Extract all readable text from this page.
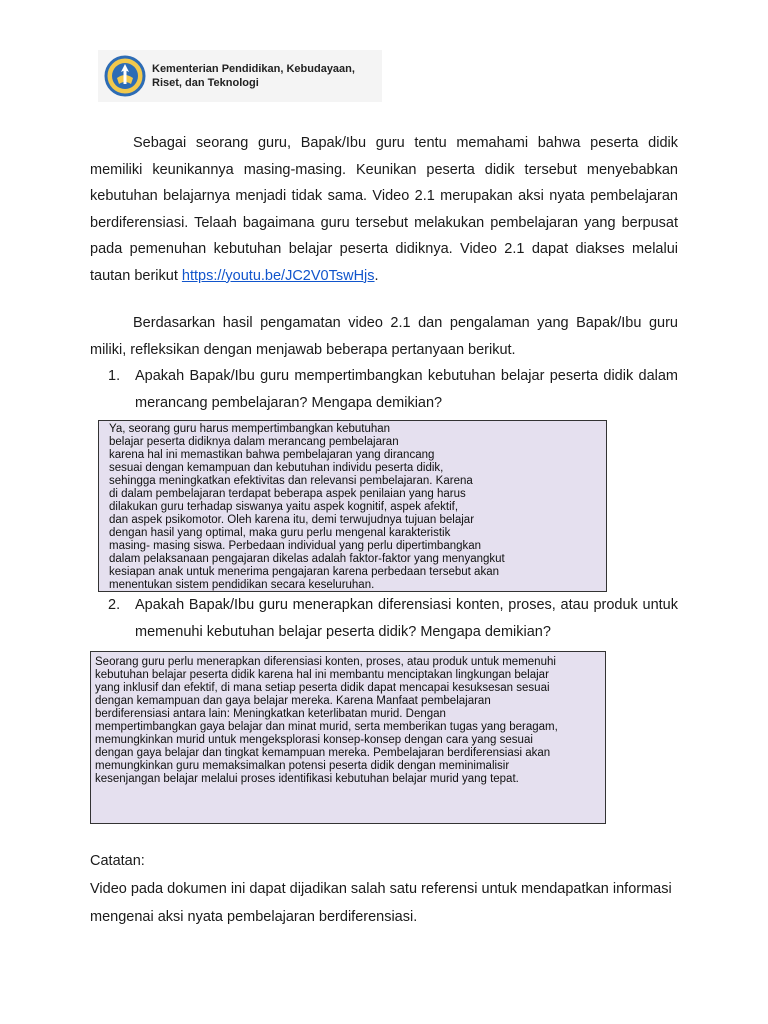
Kementerian Pendidikan, Kebudayaan,
Riset, dan Teknologi

Sebagai seorang guru, Bapak/Ibu guru tentu memahami bahwa peserta didik memiliki keunikannya masing-masing. Keunikan peserta didik tersebut menyebabkan kebutuhan belajarnya menjadi tidak sama. Video 2.1 merupakan aksi nyata pembelajaran berdiferensiasi. Telaah bagaimana guru tersebut melakukan pembelajaran yang berpusat pada pemenuhan kebutuhan belajar peserta didiknya. Video 2.1 dapat diakses melalui tautan berikut https://youtu.be/JC2V0TswHjs.

Berdasarkan hasil pengamatan video 2.1 dan pengalaman yang Bapak/Ibu guru miliki, refleksikan dengan menjawab beberapa pertanyaan berikut.

1.	Apakah Bapak/Ibu guru mempertimbangkan kebutuhan belajar peserta didik dalam merancang pembelajaran? Mengapa demikian?
Ya, seorang guru harus mempertimbangkan kebutuhan
belajar peserta didiknya dalam merancang pembelajaran
karena hal ini memastikan bahwa pembelajaran yang dirancang
sesuai dengan kemampuan dan kebutuhan individu peserta didik,
sehingga meningkatkan efektivitas dan relevansi pembelajaran. Karena
di dalam pembelajaran terdapat beberapa aspek penilaian yang harus
dilakukan guru terhadap siswanya yaitu aspek kognitif, aspek afektif,
dan aspek psikomotor. Oleh karena itu, demi terwujudnya tujuan belajar
dengan hasil yang optimal, maka guru perlu mengenal karakteristik
masing- masing siswa. Perbedaan individual yang perlu dipertimbangkan
dalam pelaksanaan pengajaran dikelas adalah faktor-faktor yang menyangkut
kesiapan anak untuk menerima pengajaran karena perbedaan tersebut akan
menentukan sistem pendidikan secara keseluruhan.
2.	Apakah Bapak/Ibu guru menerapkan diferensiasi konten, proses, atau produk untuk memenuhi kebutuhan belajar peserta didik? Mengapa demikian?
Seorang guru perlu menerapkan diferensiasi konten, proses, atau produk untuk memenuhi
kebutuhan belajar peserta didik karena hal ini membantu menciptakan lingkungan belajar
yang inklusif dan efektif, di mana setiap peserta didik dapat mencapai kesuksesan sesuai
dengan kemampuan dan gaya belajar mereka. Karena Manfaat pembelajaran
berdiferensiasi antara lain: Meningkatkan keterlibatan murid. Dengan
mempertimbangkan gaya belajar dan minat murid, serta memberikan tugas yang beragam,
memungkinkan murid untuk mengeksplorasi konsep-konsep dengan cara yang sesuai
dengan gaya belajar dan tingkat kemampuan mereka. Pembelajaran berdiferensiasi akan
memungkinkan guru memaksimalkan potensi peserta didik dengan meminimalisir
kesenjangan belajar melalui proses identifikasi kebutuhan belajar murid yang tepat.
Catatan:
Video pada dokumen ini dapat dijadikan salah satu referensi untuk mendapatkan informasi mengenai aksi nyata pembelajaran berdiferensiasi.
